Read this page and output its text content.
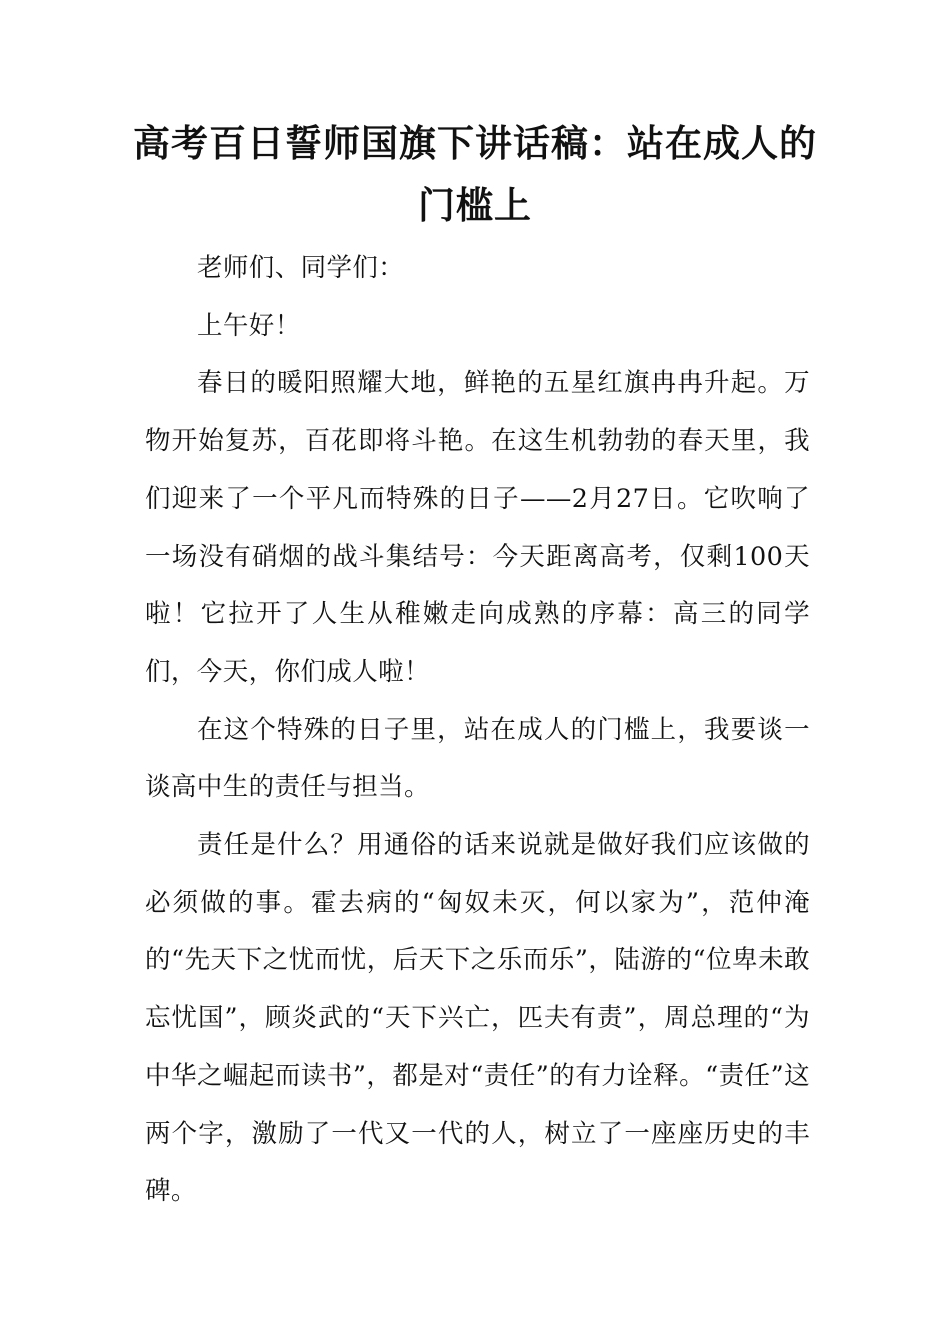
高考百日誓师国旗下讲话稿：站在成人的门槛上

老师们、同学们：

上午好！

春日的暖阳照耀大地，鲜艳的五星红旗冉冉升起。万物开始复苏，百花即将斗艳。在这生机勃勃的春天里，我们迎来了一个平凡而特殊的日子——2月27日。它吹响了一场没有硝烟的战斗集结号：今天距离高考，仅剩100天啦！它拉开了人生从稚嫩走向成熟的序幕：高三的同学们，今天，你们成人啦！

在这个特殊的日子里，站在成人的门槛上，我要谈一谈高中生的责任与担当。

责任是什么？用通俗的话来说就是做好我们应该做的必须做的事。霍去病的“匈奴未灭，何以家为”，范仲淹的“先天下之忧而忧，后天下之乐而乐”，陆游的“位卑未敢忘忧国”，顾炎武的“天下兴亡，匹夫有责”，周总理的“为中华之崛起而读书”，都是对“责任”的有力诠释。“责任”这两个字，激励了一代又一代的人，树立了一座座历史的丰碑。
